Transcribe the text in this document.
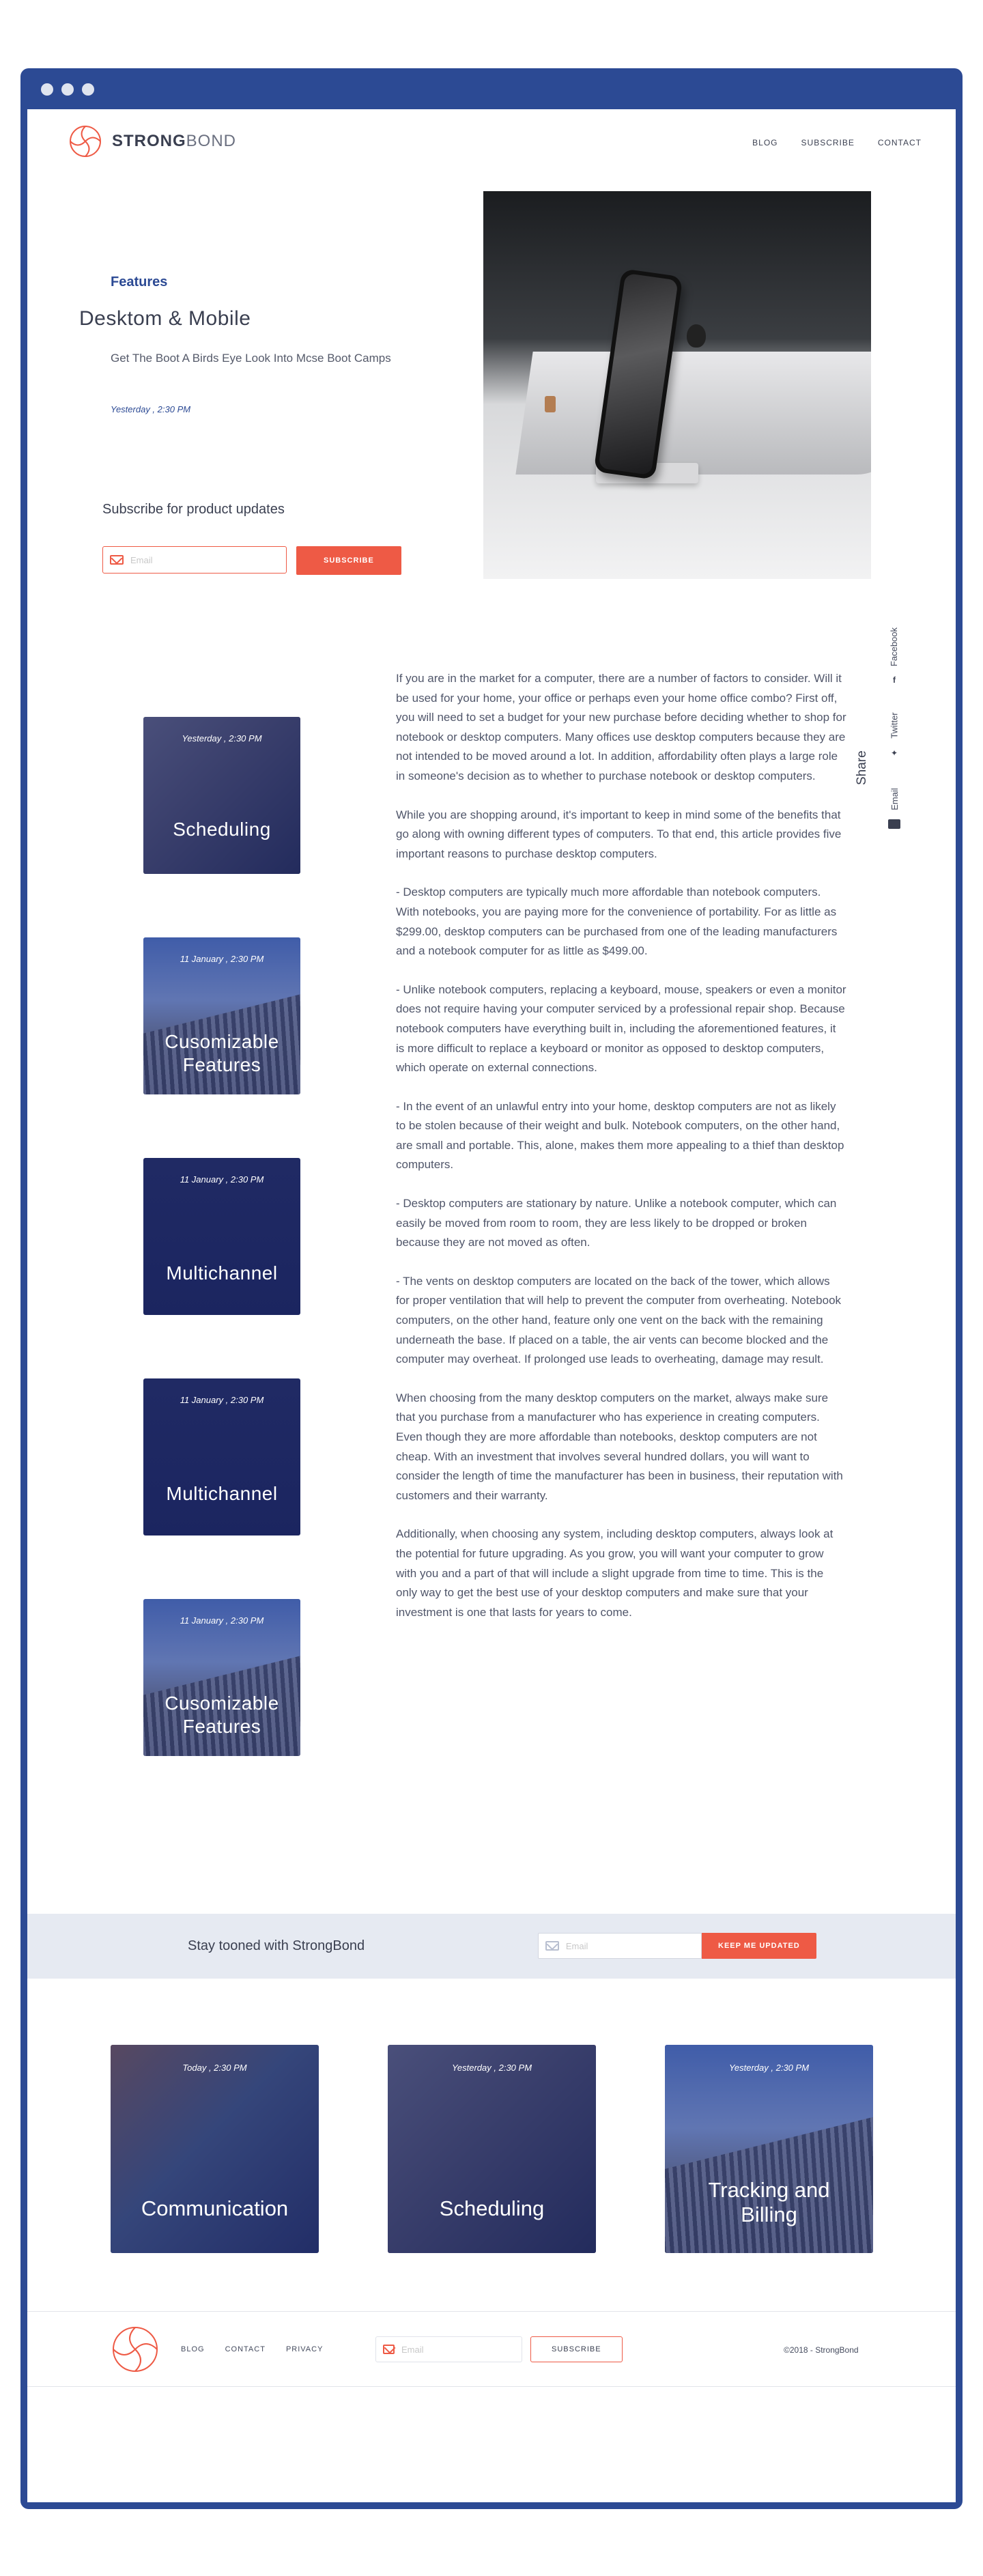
STRONGBOND	BLOG	SUBSCRIBE	CONTACT
Features
Desktom & Mobile

Get The Boot A Birds Eye Look Into Mcse Boot Camps

Yesterday , 2:30 PM
Subscribe for product updates
Email
SUBSCRIBE
Share
Facebook
f
Twitter
✦
Email
Yesterday , 2:30 PM
Scheduling
11 January , 2:30 PM
Cusomizable Features
11 January , 2:30 PM
Multichannel
11 January , 2:30 PM
Multichannel
11 January , 2:30 PM
Cusomizable Features

If you are in the market for a computer, there are a number of factors to consider. Will it be used for your home, your office or perhaps even your home office combo? First off, you will need to set a budget for your new purchase before deciding whether to shop for notebook or desktop computers. Many offices use desktop computers because they are not intended to be moved around a lot. In addition, affordability often plays a large role in someone's decision as to whether to purchase notebook or desktop computers.

While you are shopping around, it's important to keep in mind some of the benefits that go along with owning different types of computers. To that end, this article provides five important reasons to purchase desktop computers.

- Desktop computers are typically much more affordable than notebook computers. With notebooks, you are paying more for the convenience of portability. For as little as $299.00, desktop computers can be purchased from one of the leading manufacturers and a notebook computer for as little as $499.00.

- Unlike notebook computers, replacing a keyboard, mouse, speakers or even a monitor does not require having your computer serviced by a professional repair shop. Because notebook computers have everything built in, including the aforementioned features, it is more difficult to replace a keyboard or monitor as opposed to desktop computers, which operate on external connections.

- In the event of an unlawful entry into your home, desktop computers are not as likely to be stolen because of their weight and bulk. Notebook computers, on the other hand, are small and portable. This, alone, makes them more appealing to a thief than desktop computers.

- Desktop computers are stationary by nature. Unlike a notebook computer, which can easily be moved from room to room, they are less likely to be dropped or broken because they are not moved as often.

- The vents on desktop computers are located on the back of the tower, which allows for proper ventilation that will help to prevent the computer from overheating. Notebook computers, on the other hand, feature only one vent on the back with the remaining underneath the base. If placed on a table, the air vents can become blocked and the computer may overheat. If prolonged use leads to overheating, damage may result.

When choosing from the many desktop computers on the market, always make sure that you purchase from a manufacturer who has experience in creating computers. Even though they are more affordable than notebooks, desktop computers are not cheap. With an investment that involves several hundred dollars, you will want to consider the length of time the manufacturer has been in business, their reputation with customers and their warranty.

Additionally, when choosing any system, including desktop computers, always look at the potential for future upgrading. As you grow, you will want your computer to grow with you and a part of that will include a slight upgrade from time to time. This is the only way to get the best use of your desktop computers and make sure that your investment is one that lasts for years to come.

Stay tooned with StrongBond
Email	KEEP ME UPDATED
Today , 2:30 PM
Communication
Yesterday , 2:30 PM
Scheduling
Yesterday , 2:30 PM
Tracking and Billing
BLOG	CONTACT	PRIVACY
Email	SUBSCRIBE	©2018 - StrongBond
